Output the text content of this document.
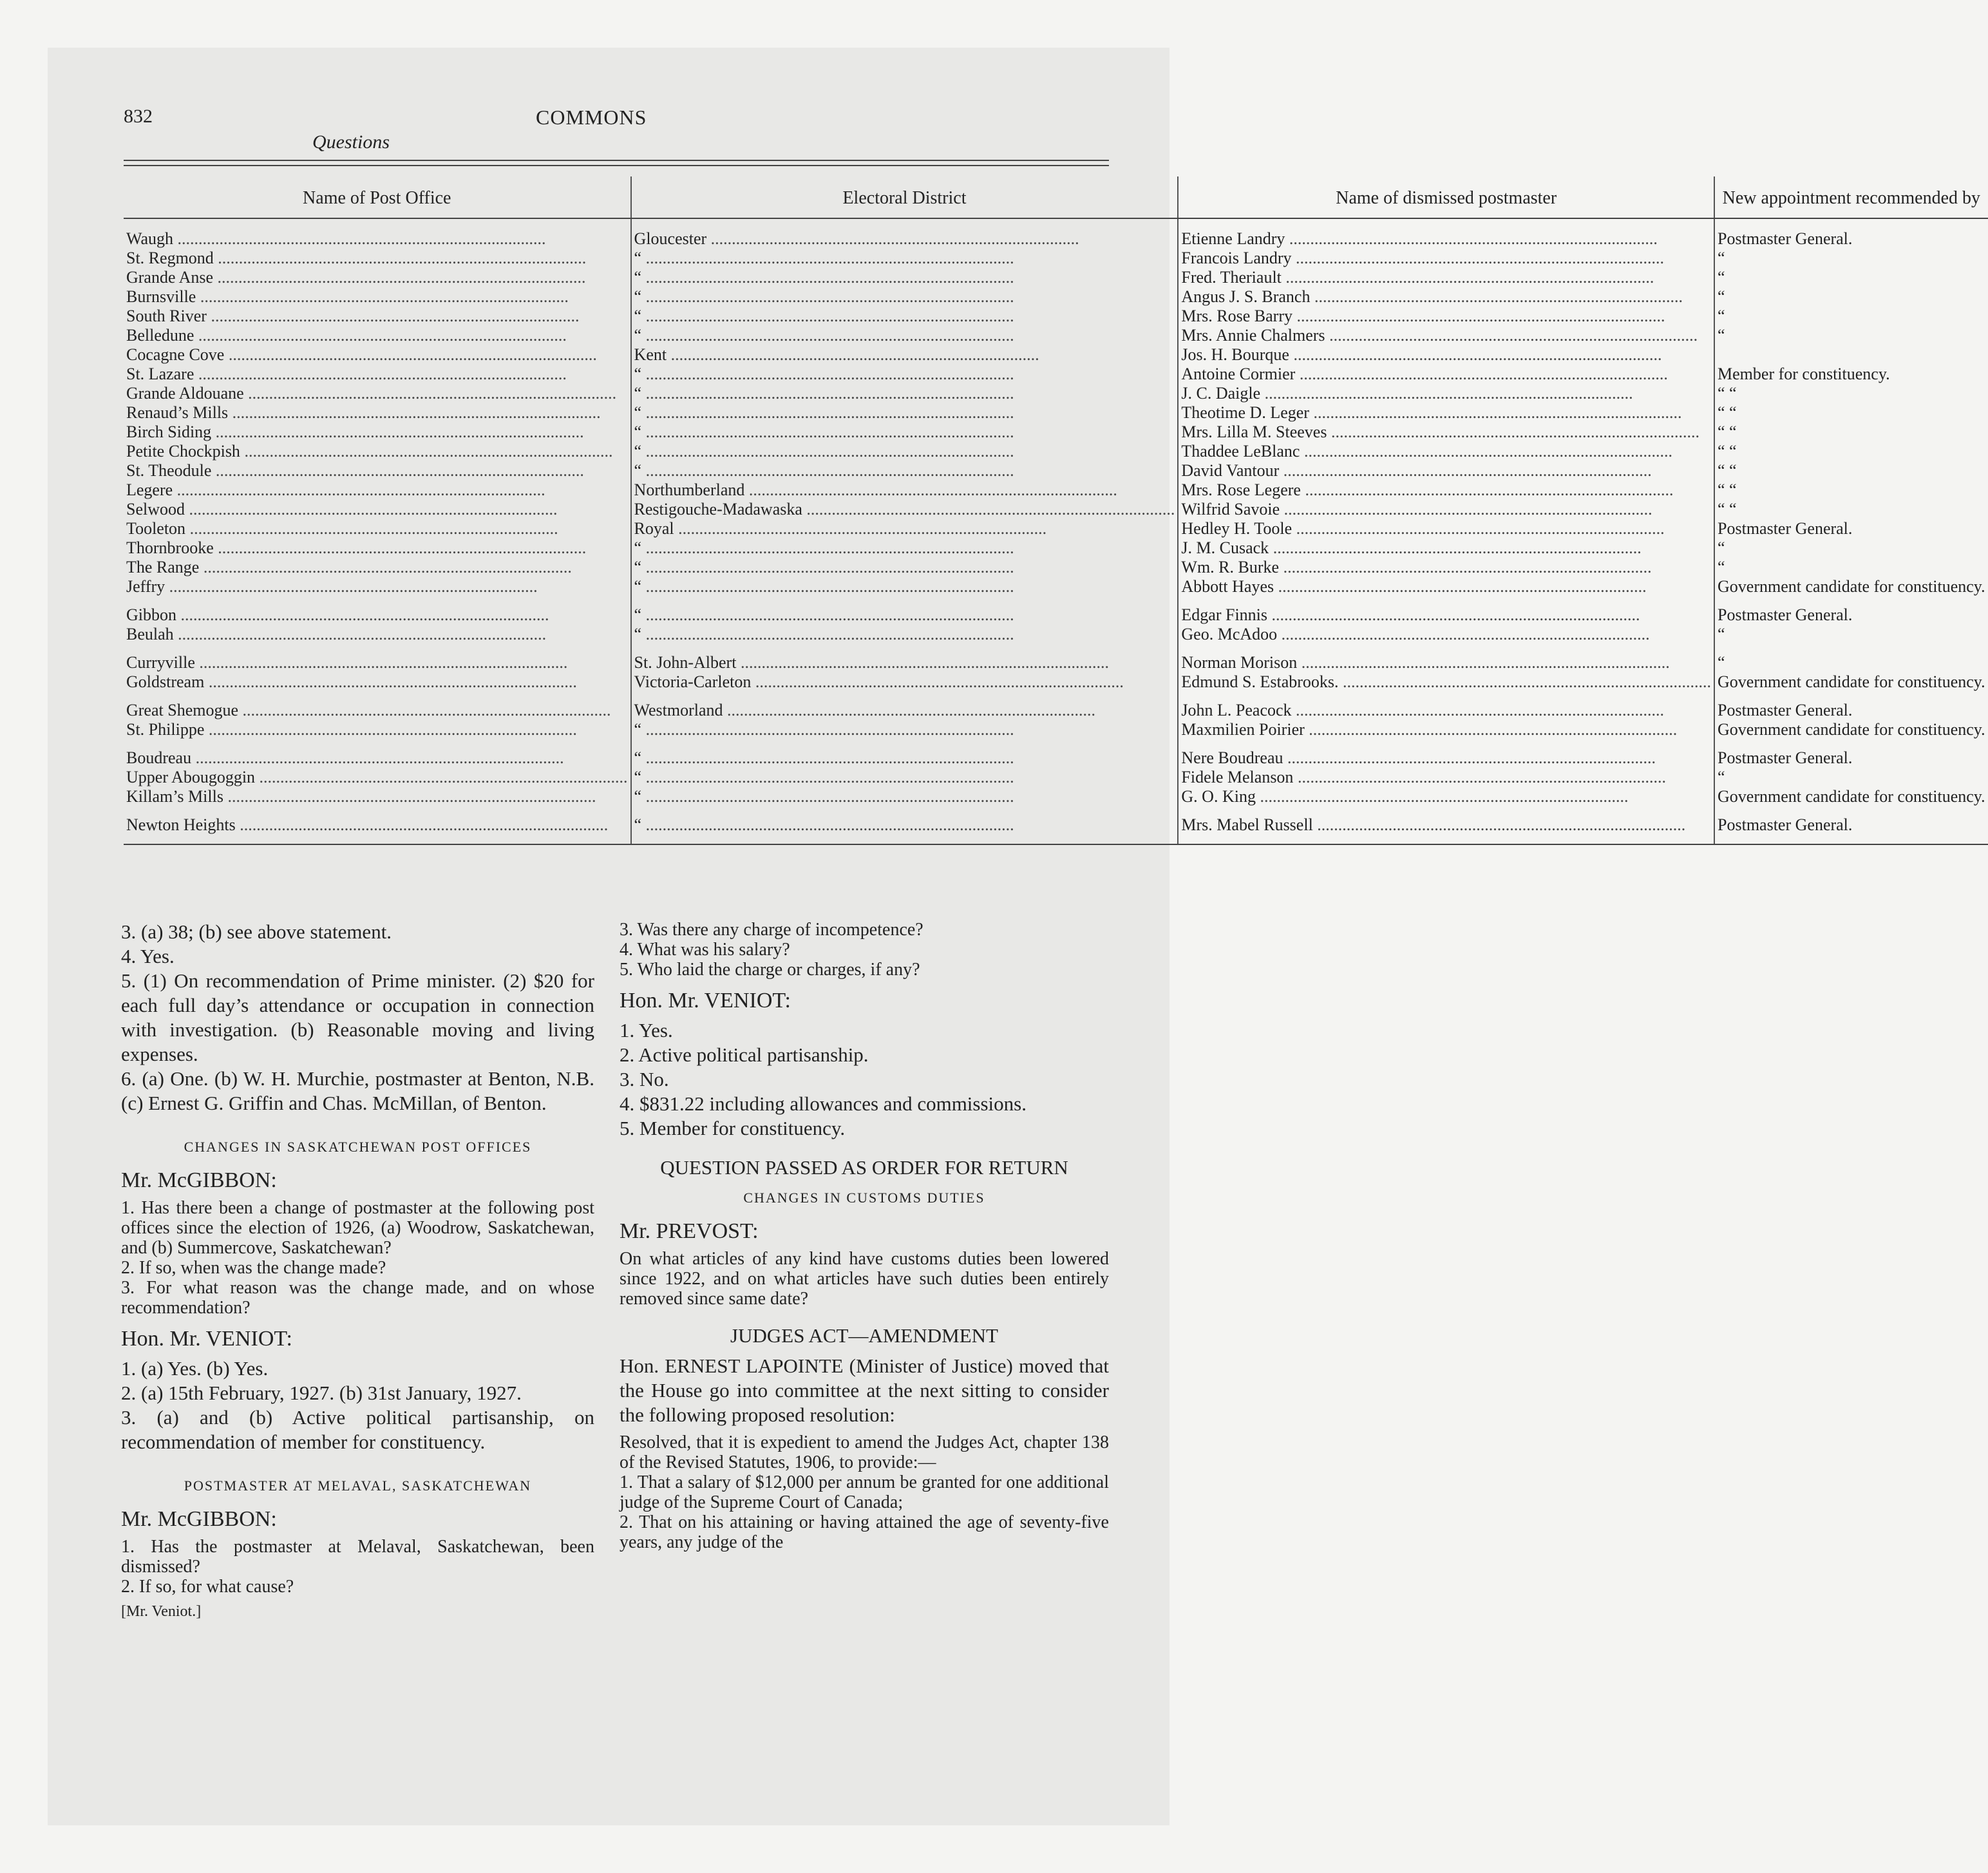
832
Questions
COMMONS
Name of Post Office	Electoral District	Name of dismissed postmaster	New appointment recommended by
Waugh .....	Gloucester .....	Etienne Landry .....	Postmaster General.
St. Regmond .....	“ .....	Francois Landry .....	“
Grande Anse .....	“ .....	Fred. Theriault .....	“
Burnsville .....	“ .....	Angus J. S. Branch .....	“
South River .....	“ .....	Mrs. Rose Barry .....	“
Belledune .....	“ .....	Mrs. Annie Chalmers .....	“
Cocagne Cove .....	Kent .....	Jos. H. Bourque .....	
St. Lazare .....	“ .....	Antoine Cormier .....	Member for constituency.
Grande Aldouane .....	“ .....	J. C. Daigle .....	“ “
Renaud’s Mills .....	“ .....	Theotime D. Leger .....	“ “
Birch Siding .....	“ .....	Mrs. Lilla M. Steeves .....	“ “
Petite Chockpish .....	“ .....	Thaddee LeBlanc .....	“ “
St. Theodule .....	“ .....	David Vantour .....	“ “
Legere .....	Northumberland .....	Mrs. Rose Legere .....	“ “
Selwood .....	Restigouche-Madawaska .....	Wilfrid Savoie .....	“ “
Tooleton .....	Royal .....	Hedley H. Toole .....	Postmaster General.
Thornbrooke .....	“ .....	J. M. Cusack .....	“
The Range .....	“ .....	Wm. R. Burke .....	“
Jeffry .....	“ .....	Abbott Hayes .....	Government candidate for constituency.
Gibbon .....	“ .....	Edgar Finnis .....	Postmaster General.
Beulah .....	“ .....	Geo. McAdoo .....	“
Curryville .....	St. John-Albert .....	Norman Morison .....	“
Goldstream .....	Victoria-Carleton .....	Edmund S. Estabrooks. .....	Government candidate for constituency.
Great Shemogue .....	Westmorland .....	John L. Peacock .....	Postmaster General.
St. Philippe .....	“ .....	Maxmilien Poirier .....	Government candidate for constituency.
Boudreau .....	“ .....	Nere Boudreau .....	Postmaster General.
Upper Abougoggin .....	“ .....	Fidele Melanson .....	“
Killam’s Mills .....	“ .....	G. O. King .....	Government candidate for constituency.
Newton Heights .....	“ .....	Mrs. Mabel Russell .....	Postmaster General.

3. (a) 38; (b) see above statement.

4. Yes.

5. (1) On recommendation of Prime minister. (2) $20 for each full day’s attendance or occupation in connection with investigation. (b) Reasonable moving and living expenses.

6. (a) One. (b) W. H. Murchie, postmaster at Benton, N.B. (c) Ernest G. Griffin and Chas. McMillan, of Benton.

CHANGES IN SASKATCHEWAN POST OFFICES

Mr. McGIBBON:

1. Has there been a change of postmaster at the following post offices since the election of 1926, (a) Woodrow, Saskatchewan, and (b) Summercove, Saskatchewan?

2. If so, when was the change made?

3. For what reason was the change made, and on whose recommendation?

Hon. Mr. VENIOT:

1. (a) Yes. (b) Yes.

2. (a) 15th February, 1927. (b) 31st January, 1927.

3. (a) and (b) Active political partisanship, on recommendation of member for constituency.

POSTMASTER AT MELAVAL, SASKATCHEWAN

Mr. McGIBBON:

1. Has the postmaster at Melaval, Saskatchewan, been dismissed?

2. If so, for what cause?

[Mr. Veniot.]

3. Was there any charge of incompetence?

4. What was his salary?

5. Who laid the charge or charges, if any?

Hon. Mr. VENIOT:

1. Yes.

2. Active political partisanship.

3. No.

4. $831.22 including allowances and commissions.

5. Member for constituency.

QUESTION PASSED AS ORDER FOR RETURN

CHANGES IN CUSTOMS DUTIES

Mr. PREVOST:

On what articles of any kind have customs duties been lowered since 1922, and on what articles have such duties been entirely removed since same date?

JUDGES ACT—AMENDMENT

Hon. ERNEST LAPOINTE (Minister of Justice) moved that the House go into committee at the next sitting to consider the following proposed resolution:

Resolved, that it is expedient to amend the Judges Act, chapter 138 of the Revised Statutes, 1906, to provide:—

1. That a salary of $12,000 per annum be granted for one additional judge of the Supreme Court of Canada;

2. That on his attaining or having attained the age of seventy-five years, any judge of the
